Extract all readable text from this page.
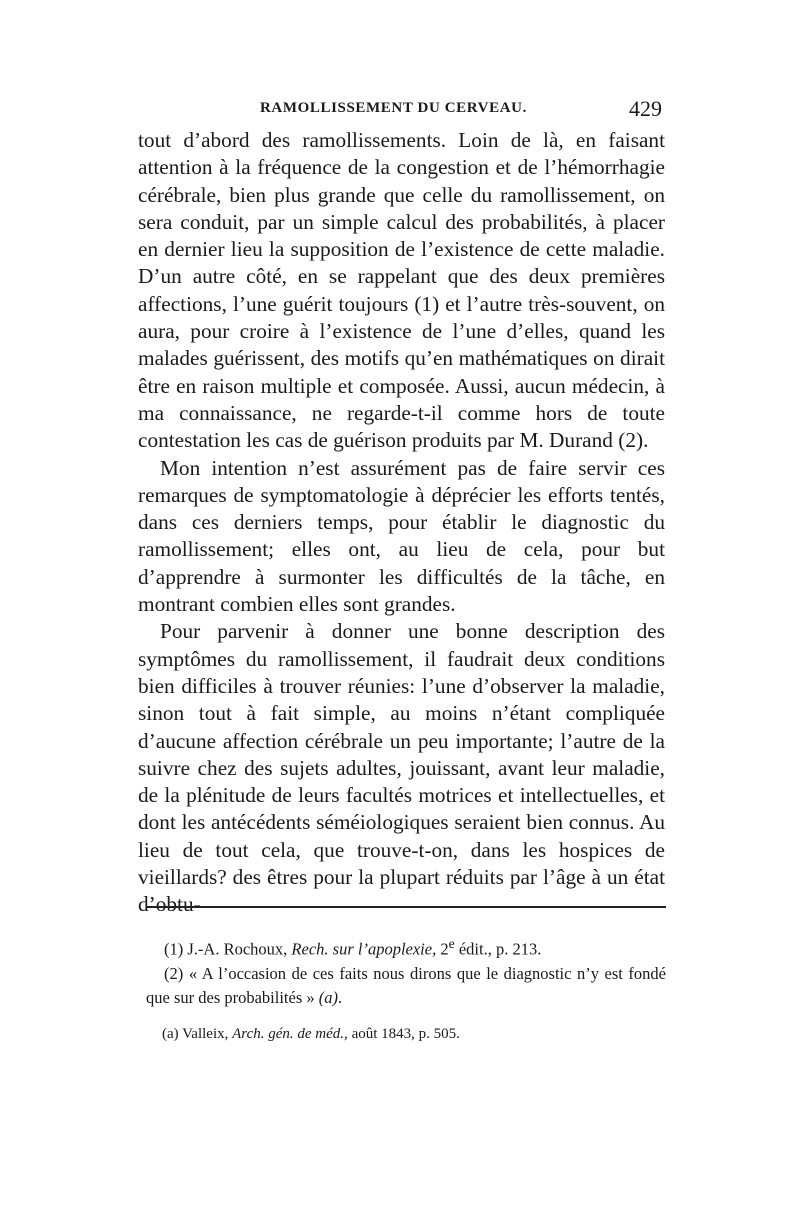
RAMOLLISSEMENT DU CERVEAU.	429

tout d’abord des ramollissements. Loin de là, en faisant attention à la fréquence de la congestion et de l’hémorrhagie cérébrale, bien plus grande que celle du ramollissement, on sera conduit, par un simple calcul des probabilités, à placer en dernier lieu la supposition de l’existence de cette maladie. D’un autre côté, en se rappelant que des deux premières affections, l’une guérit toujours (1) et l’autre très-souvent, on aura, pour croire à l’existence de l’une d’elles, quand les malades guérissent, des motifs qu’en mathématiques on dirait être en raison multiple et composée. Aussi, aucun médecin, à ma connaissance, ne regarde-t-il comme hors de toute contestation les cas de guérison produits par M. Durand (2).

Mon intention n’est assurément pas de faire servir ces remarques de symptomatologie à déprécier les efforts tentés, dans ces derniers temps, pour établir le diagnostic du ramollissement; elles ont, au lieu de cela, pour but d’apprendre à surmonter les difficultés de la tâche, en montrant combien elles sont grandes.

Pour parvenir à donner une bonne description des symptômes du ramollissement, il faudrait deux conditions bien difficiles à trouver réunies: l’une d’observer la maladie, sinon tout à fait simple, au moins n’étant compliquée d’aucune affection cérébrale un peu importante; l’autre de la suivre chez des sujets adultes, jouissant, avant leur maladie, de la plénitude de leurs facultés motrices et intellectuelles, et dont les antécédents séméiologiques seraient bien connus. Au lieu de tout cela, que trouve-t-on, dans les hospices de vieillards? des êtres pour la plupart réduits par l’âge à un état d’obtu-

(1) J.-A. Rochoux, Rech. sur l’apoplexie, 2e édit., p. 213.

(2) « A l’occasion de ces faits nous dirons que le diagnostic n’y est fondé que sur des probabilités » (a).

(a) Valleix, Arch. gén. de méd., août 1843, p. 505.
